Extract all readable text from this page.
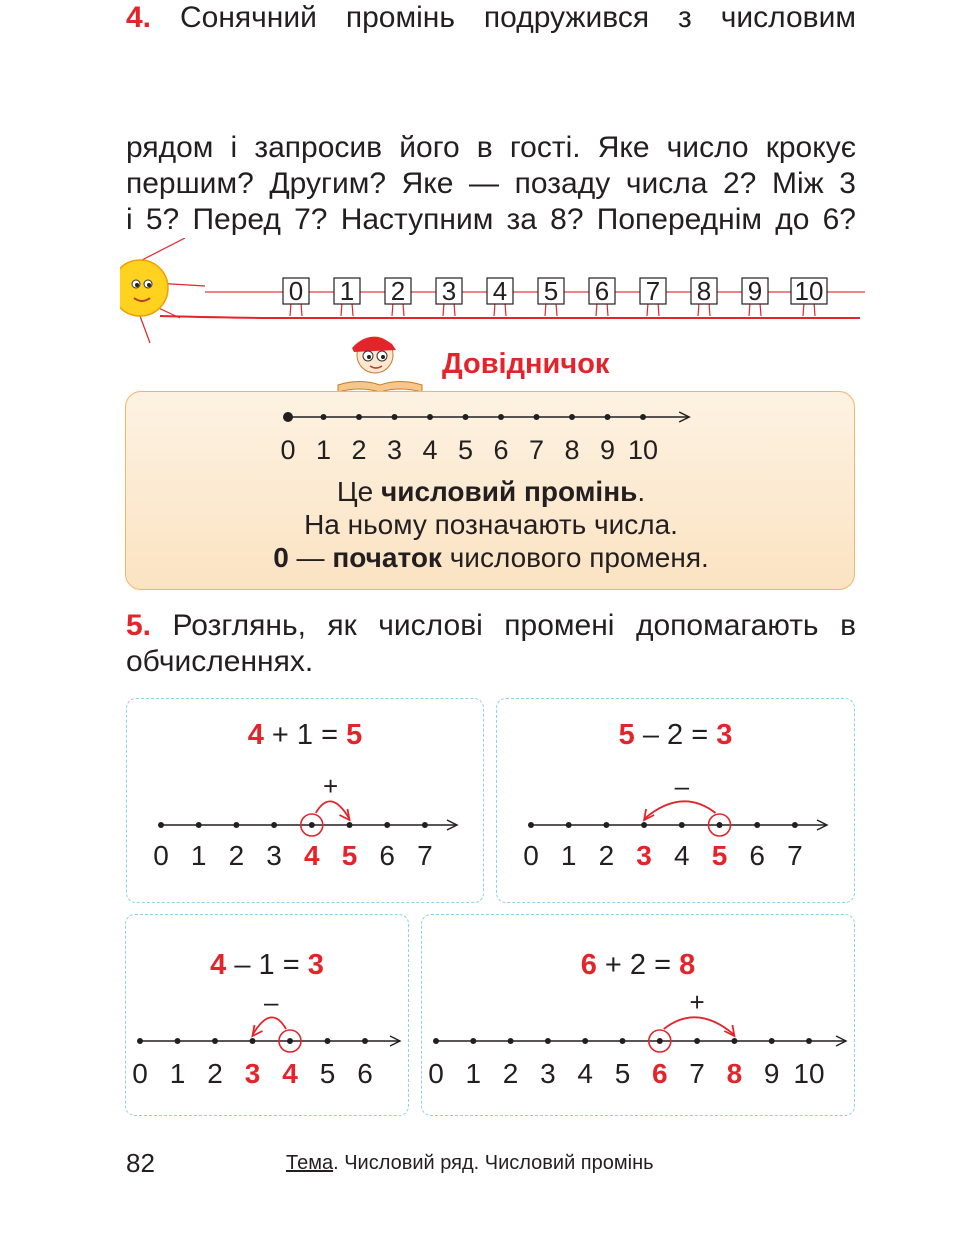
4. Сонячний промінь подружився з числовим
рядом і запросив його в гості. Яке число крокує
першим? Другим? Яке — позаду числа 2? Між 3
і 5? Перед 7? Наступним за 8? Попереднім до 6?
0 1 2 3 4 5 6 7 8 9 10
Довідничок
0 1 2 3 4 5 6 7 8 9 10
Це числовий промінь.
На ньому позначають числа.
0 — початок числового променя.
5. Розглянь, як числові промені допомагають в
обчисленнях.
4 + 1 = 5
0 1 2 3 4 5 6 7
+
5 – 2 = 3
0 1 2 3 4 5 6 7
–
4 – 1 = 3
0 1 2 3 4 5 6
–
6 + 2 = 8
0 1 2 3 4 5 6 7 8 9 10
+
82	Тема. Числовий ряд. Числовий промінь
